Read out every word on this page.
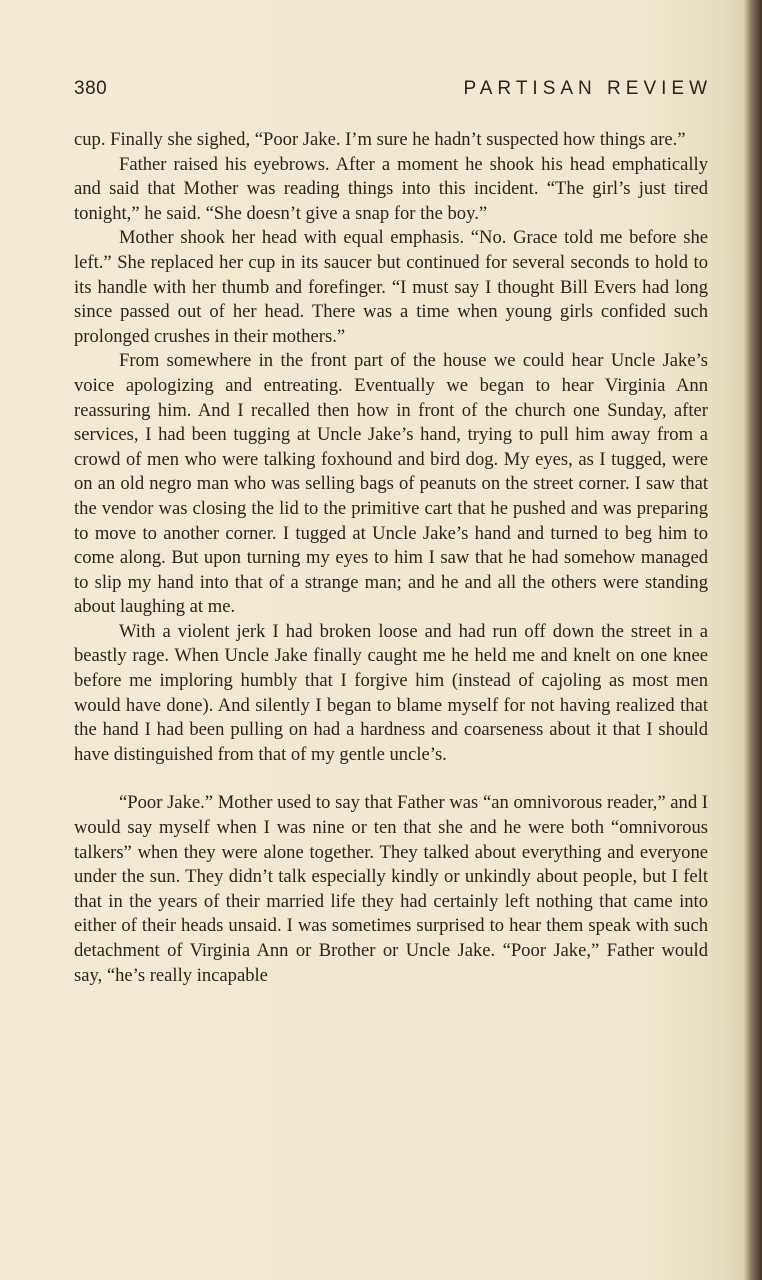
380	PARTISAN REVIEW

cup. Finally she sighed, “Poor Jake. I’m sure he hadn’t suspected how things are.”

Father raised his eyebrows. After a moment he shook his head emphatically and said that Mother was reading things into this incident. “The girl’s just tired tonight,” he said. “She doesn’t give a snap for the boy.”

Mother shook her head with equal emphasis. “No. Grace told me before she left.” She replaced her cup in its saucer but continued for several seconds to hold to its handle with her thumb and forefinger. “I must say I thought Bill Evers had long since passed out of her head. There was a time when young girls confided such prolonged crushes in their mothers.”

From somewhere in the front part of the house we could hear Uncle Jake’s voice apologizing and entreating. Eventually we began to hear Virginia Ann reassuring him. And I recalled then how in front of the church one Sunday, after services, I had been tugging at Uncle Jake’s hand, trying to pull him away from a crowd of men who were talking foxhound and bird dog. My eyes, as I tugged, were on an old negro man who was selling bags of peanuts on the street corner. I saw that the vendor was closing the lid to the primitive cart that he pushed and was preparing to move to another corner. I tugged at Uncle Jake’s hand and turned to beg him to come along. But upon turning my eyes to him I saw that he had somehow managed to slip my hand into that of a strange man; and he and all the others were standing about laughing at me.

With a violent jerk I had broken loose and had run off down the street in a beastly rage. When Uncle Jake finally caught me he held me and knelt on one knee before me imploring humbly that I forgive him (instead of cajoling as most men would have done). And silently I began to blame myself for not having realized that the hand I had been pulling on had a hardness and coarseness about it that I should have distinguished from that of my gentle uncle’s.

“Poor Jake.” Mother used to say that Father was “an omnivorous reader,” and I would say myself when I was nine or ten that she and he were both “omnivorous talkers” when they were alone together. They talked about everything and everyone under the sun. They didn’t talk especially kindly or unkindly about people, but I felt that in the years of their married life they had certainly left nothing that came into either of their heads unsaid. I was sometimes surprised to hear them speak with such detachment of Virginia Ann or Brother or Uncle Jake. “Poor Jake,” Father would say, “he’s really incapable
